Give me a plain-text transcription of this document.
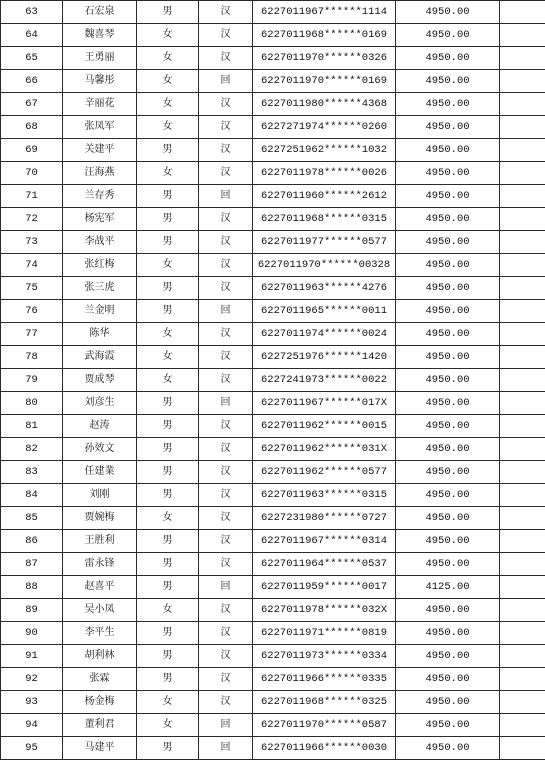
63	石宏泉	男	汉	6227011967******1114	4950.00	
64	魏喜琴	女	汉	6227011968******0169	4950.00	
65	王勇丽	女	汉	6227011970******0326	4950.00	
66	马馨彤	女	回	6227011970******0169	4950.00	
67	辛丽花	女	汉	6227011980******4368	4950.00	
68	张凤军	女	汉	6227271974******0260	4950.00	
69	关建平	男	汉	6227251962******1032	4950.00	
70	汪海燕	女	汉	6227011978******0026	4950.00	
71	兰存秀	男	回	6227011960******2612	4950.00	
72	杨宪军	男	汉	6227011968******0315	4950.00	
73	李战平	男	汉	6227011977******0577	4950.00	
74	张红梅	女	汉	6227011970******00328	4950.00	
75	张三虎	男	汉	6227011963******4276	4950.00	
76	兰金明	男	回	6227011965******0011	4950.00	
77	陈华	女	汉	6227011974******0024	4950.00	
78	武海霞	女	汉	6227251976******1420	4950.00	
79	贾成琴	女	汉	6227241973******0022	4950.00	
80	刘彦生	男	回	6227011967******017X	4950.00	
81	赵涛	男	汉	6227011962******0015	4950.00	
82	孙效文	男	汉	6227011962******031X	4950.00	
83	任建業	男	汉	6227011962******0577	4950.00	
84	刘刚	男	汉	6227011963******0315	4950.00	
85	贾婉梅	女	汉	6227231980******0727	4950.00	
86	王胜利	男	汉	6227011967******0314	4950.00	
87	雷永锋	男	汉	6227011964******0537	4950.00	
88	赵喜平	男	回	6227011959******0017	4125.00	
89	吴小凤	女	汉	6227011978******032X	4950.00	
90	李平生	男	汉	6227011971******0819	4950.00	
91	胡利林	男	汉	6227011973******0334	4950.00	
92	张霖	男	汉	6227011966******0335	4950.00	
93	杨金梅	女	汉	6227011968******0325	4950.00	
94	董利君	女	回	6227011970******0587	4950.00	
95	马建平	男	回	6227011966******0030	4950.00	
